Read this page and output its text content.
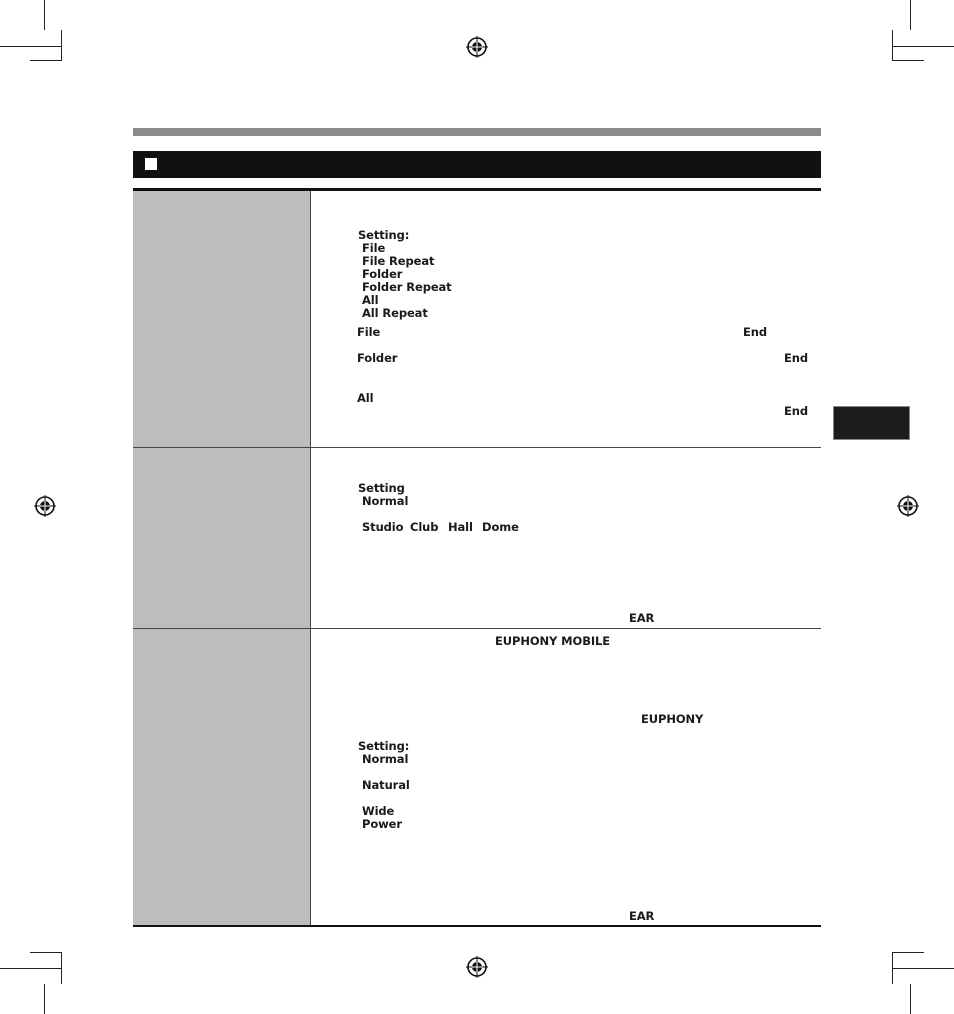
Setting:
File
File Repeat
Folder
Folder Repeat
All
All Repeat
File	End
Folder	End
All
End
Setting
Normal
Studio Club Hall Dome
EAR
EUPHONY MOBILE
EUPHONY
Setting:
Normal
Natural
Wide
Power
EAR
